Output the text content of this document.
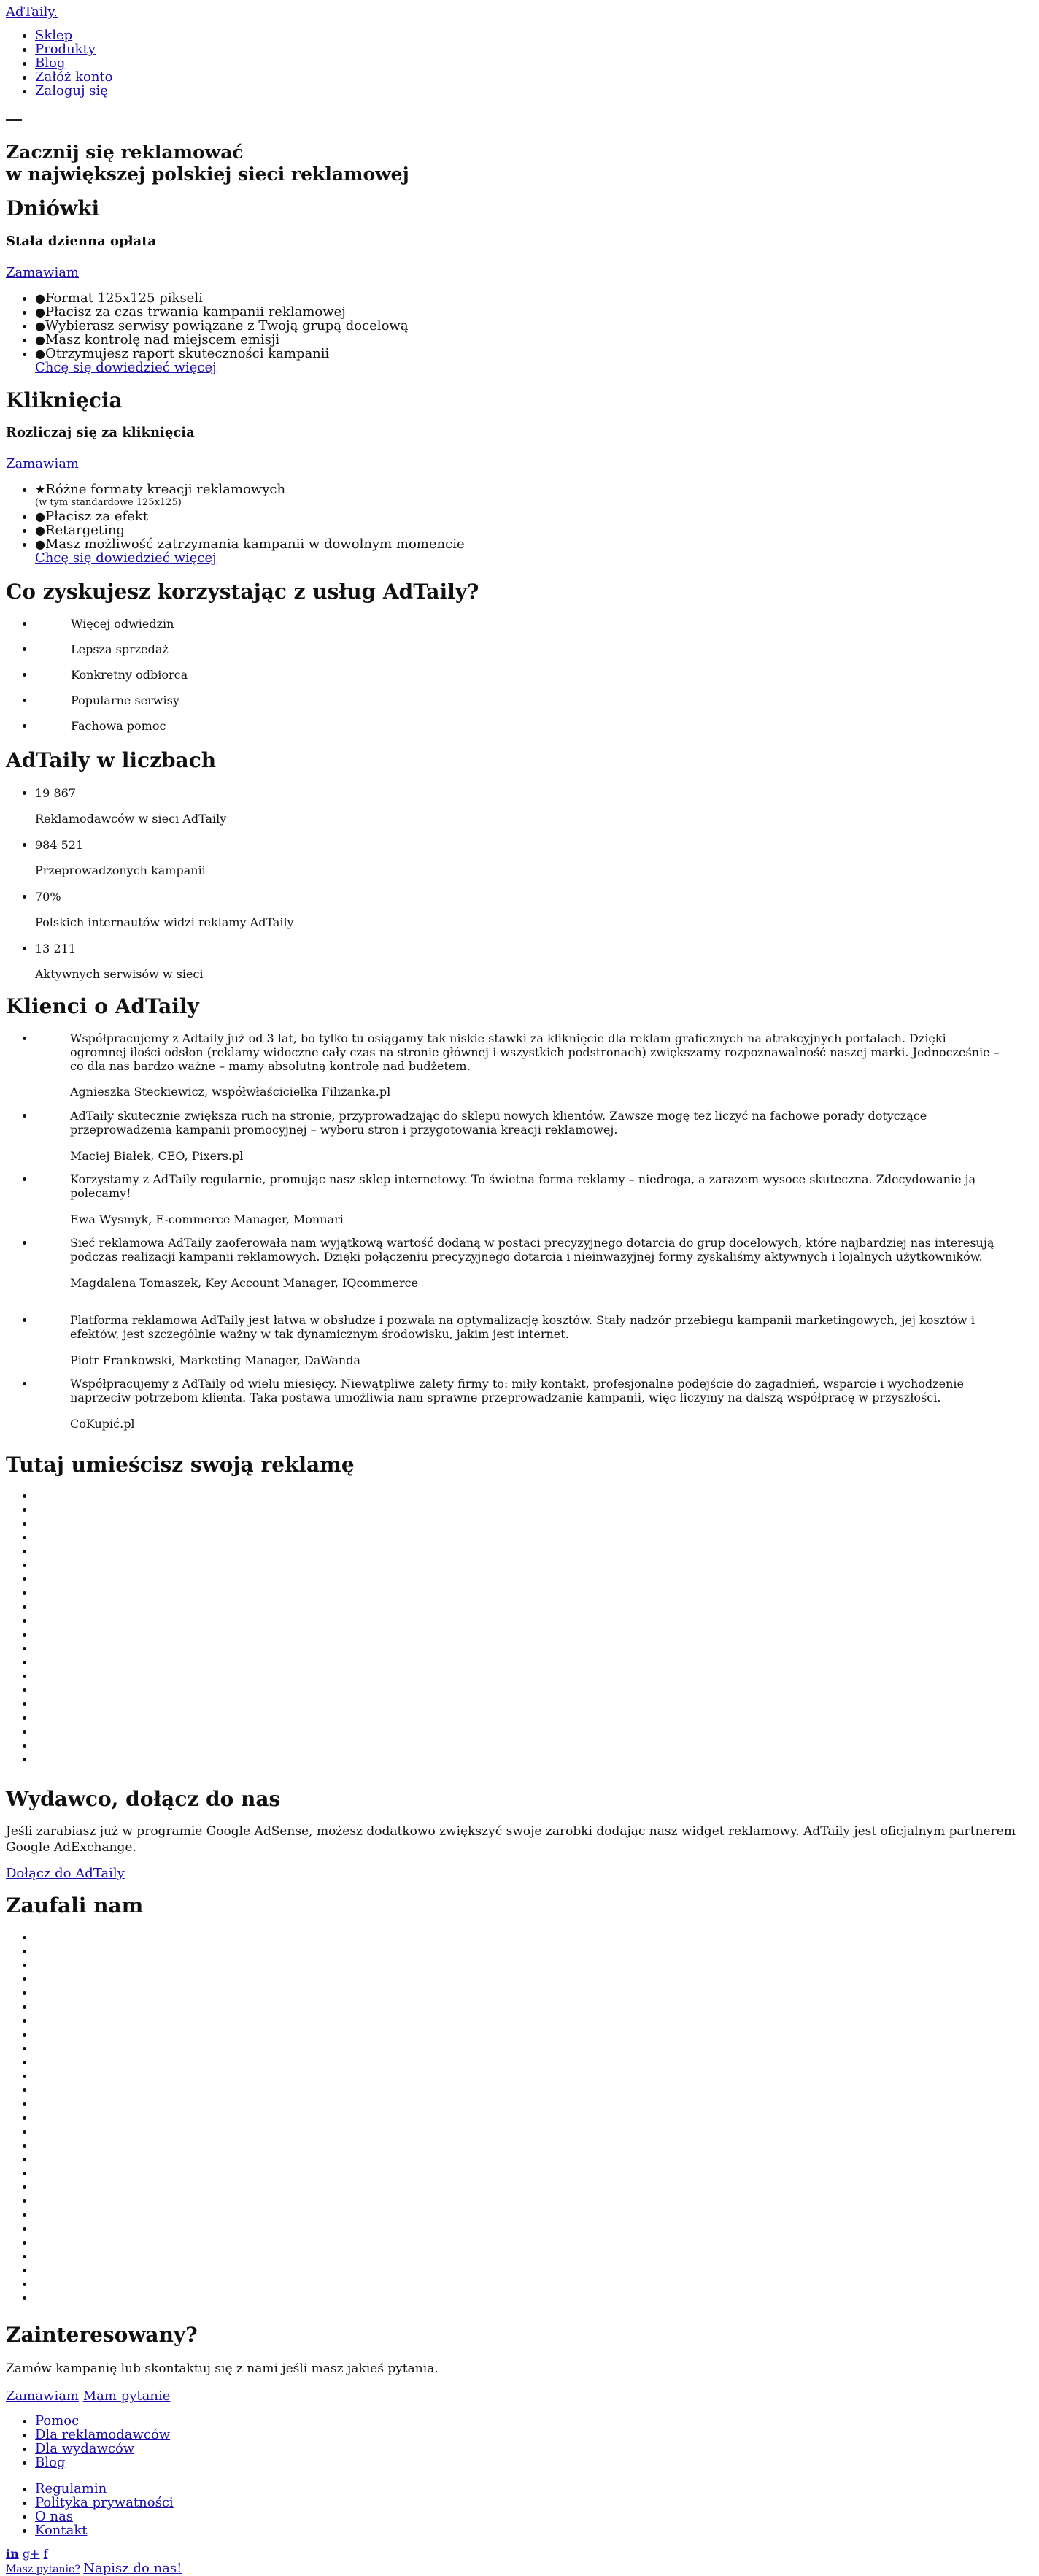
AdTaily.
• Sklep
• Produkty
• Blog
• Załóż konto
• Zaloguj się
Zacznij się reklamować
w największej polskiej sieci reklamowej
Dniówki
Stała dzienna opłata
Zamawiam
• ●Format 125x125 pikseli
• ●Płacisz za czas trwania kampanii reklamowej
• ●Wybierasz serwisy powiązane z Twoją grupą docelową
• ●Masz kontrolę nad miejscem emisji
• ●Otrzymujesz raport skuteczności kampanii
Chcę się dowiedzieć więcej
Kliknięcia
Rozliczaj się za kliknięcia
Zamawiam
• ★Różne formaty kreacji reklamowych
(w tym standardowe 125x125)
• ●Płacisz za efekt
• ●Retargeting
• ●Masz możliwość zatrzymania kampanii w dowolnym momencie
Chcę się dowiedzieć więcej
Co zyskujesz korzystając z usług AdTaily?
• Więcej odwiedzin
• Lepsza sprzedaż
• Konkretny odbiorca
• Popularne serwisy
• Fachowa pomoc
AdTaily w liczbach
• 19 867
Reklamodawców w sieci AdTaily
• 984 521
Przeprowadzonych kampanii
• 70%
Polskich internautów widzi reklamy AdTaily
• 13 211
Aktywnych serwisów w sieci
Klienci o AdTaily
• Współpracujemy z Adtaily już od 3 lat, bo tylko tu osiągamy tak niskie stawki za kliknięcie dla reklam graficznych na atrakcyjnych portalach. Dzięki ogromnej ilości odsłon (reklamy widoczne cały czas na stronie głównej i wszystkich podstronach) zwiększamy rozpoznawalność naszej marki. Jednocześnie – co dla nas bardzo ważne – mamy absolutną kontrolę nad budżetem.
Agnieszka Steckiewicz, współwłaścicielka Filiżanka.pl
• AdTaily skutecznie zwiększa ruch na stronie, przyprowadzając do sklepu nowych klientów. Zawsze mogę też liczyć na fachowe porady dotyczące przeprowadzenia kampanii promocyjnej – wyboru stron i przygotowania kreacji reklamowej.
Maciej Białek, CEO, Pixers.pl
• Korzystamy z AdTaily regularnie, promując nasz sklep internetowy. To świetna forma reklamy – niedroga, a zarazem wysoce skuteczna. Zdecydowanie ją polecamy!
Ewa Wysmyk, E-commerce Manager, Monnari
• Sieć reklamowa AdTaily zaoferowała nam wyjątkową wartość dodaną w postaci precyzyjnego dotarcia do grup docelowych, które najbardziej nas interesują podczas realizacji kampanii reklamowych. Dzięki połączeniu precyzyjnego dotarcia i nieinwazyjnej formy zyskaliśmy aktywnych i lojalnych użytkowników.
Magdalena Tomaszek, Key Account Manager, IQcommerce
• Platforma reklamowa AdTaily jest łatwa w obsłudze i pozwala na optymalizację kosztów. Stały nadzór przebiegu kampanii marketingowych, jej kosztów i efektów, jest szczególnie ważny w tak dynamicznym środowisku, jakim jest internet.
Piotr Frankowski, Marketing Manager, DaWanda
• Współpracujemy z AdTaily od wielu miesięcy. Niewątpliwe zalety firmy to: miły kontakt, profesjonalne podejście do zagadnień, wsparcie i wychodzenie naprzeciw potrzebom klienta. Taka postawa umożliwia nam sprawne przeprowadzanie kampanii, więc liczymy na dalszą współpracę w przyszłości.
CoKupić.pl
Tutaj umieścisz swoją reklamę
Wydawco, dołącz do nas

Jeśli zarabiasz już w programie Google AdSense, możesz dodatkowo zwiększyć swoje zarobki dodając nasz widget reklamowy. AdTaily jest oficjalnym partnerem Google AdExchange.

Dołącz do AdTaily
Zaufali nam
Zainteresowany?

Zamów kampanię lub skontaktuj się z nami jeśli masz jakieś pytania.

Zamawiam Mam pytanie
• Pomoc
• Dla reklamodawców
• Dla wydawców
• Blog
• Regulamin
• Polityka prywatności
• O nas
• Kontakt
in g+ f
Masz pytanie? Napisz do nas!
